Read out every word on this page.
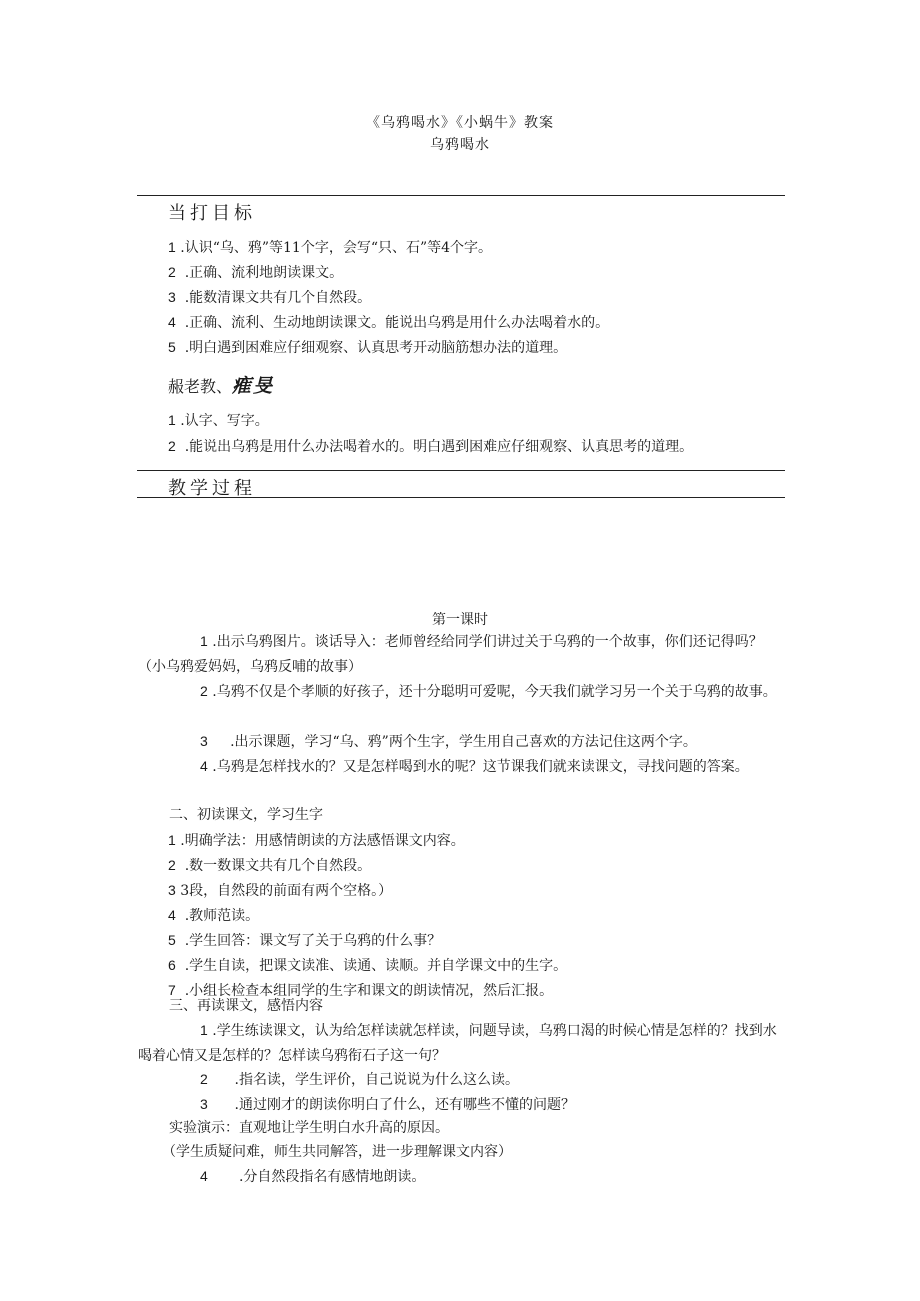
《乌鸦喝水》《小蜗牛》教案
乌鸦喝水
当打目标
1 .认识“乌、鸦”等11个字，会写“只、石”等4个字。
2 .正确、流利地朗读课文。
3 .能数清课文共有几个自然段。
4 .正确、流利、生动地朗读课文。能说出乌鸦是用什么办法喝着水的。
5 .明白遇到困难应仔细观察、认真思考开动脑筋想办法的道理。
赧老教、痽旻
1 .认字、写字。
2 .能说出乌鸦是用什么办法喝着水的。明白遇到困难应仔细观察、认真思考的道理。
教学过程
第一课时
1 .出示乌鸦图片。谈话导入：老师曾经给同学们讲过关于乌鸦的一个故事，你们还记得吗？（小乌鸦爱妈妈，乌鸦反哺的故事）
2 .乌鸦不仅是个孝顺的好孩子，还十分聪明可爱呢，今天我们就学习另一个关于乌鸦的故事。
3 .出示课题，学习“乌、鸦”两个生字，学生用自己喜欢的方法记住这两个字。
4 .乌鸦是怎样找水的？又是怎样喝到水的呢？这节课我们就来读课文，寻找问题的答案。
二、初读课文，学习生字
1 .明确学法：用感情朗读的方法感悟课文内容。
2 .数一数课文共有几个自然段。
3 3段，自然段的前面有两个空格。）
4 .教师范读。
5 .学生回答：课文写了关于乌鸦的什么事？
6 .学生自读，把课文读准、读通、读顺。并自学课文中的生字。
7 .小组长检查本组同学的生字和课文的朗读情况，然后汇报。
三、再读课文，感悟内容
1 .学生练读课文，认为给怎样读就怎样读，问题导读，乌鸦口渴的时候心情是怎样的？找到水喝着心情又是怎样的？怎样读乌鸦衔石子这一句？
2 .指名读，学生评价，自己说说为什么这么读。
3 .通过刚才的朗读你明白了什么，还有哪些不懂的问题？
实验演示：直观地让学生明白水升高的原因。
（学生质疑问难，师生共同解答，进一步理解课文内容）
4 .分自然段指名有感情地朗读。
